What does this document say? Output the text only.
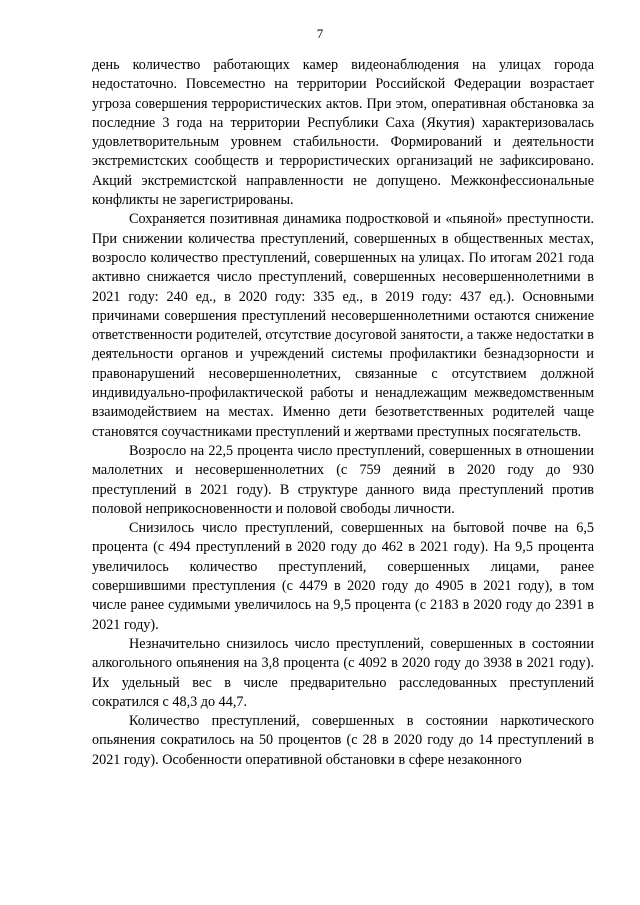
7

день количество работающих камер видеонаблюдения на улицах города недостаточно. Повсеместно на территории Российской Федерации возрастает угроза совершения террористических актов. При этом, оперативная обстановка за последние 3 года на территории Республики Саха (Якутия) характеризовалась удовлетворительным уровнем стабильности. Формирований и деятельности экстремистских сообществ и террористических организаций не зафиксировано. Акций экстремистской направленности не допущено. Межконфессиональные конфликты не зарегистрированы.

Сохраняется позитивная динамика подростковой и «пьяной» преступности. При снижении количества преступлений, совершенных в общественных местах, возросло количество преступлений, совершенных на улицах. По итогам 2021 года активно снижается число преступлений, совершенных несовершеннолетними в 2021 году: 240 ед., в 2020 году: 335 ед., в 2019 году: 437 ед.). Основными причинами совершения преступлений несовершеннолетними остаются снижение ответственности родителей, отсутствие досуговой занятости, а также недостатки в деятельности органов и учреждений системы профилактики безнадзорности и правонарушений несовершеннолетних, связанные с отсутствием должной индивидуально-профилактической работы и ненадлежащим межведомственным взаимодействием на местах. Именно дети безответственных родителей чаще становятся соучастниками преступлений и жертвами преступных посягательств.

Возросло на 22,5 процента число преступлений, совершенных в отношении малолетних и несовершеннолетних (с 759 деяний в 2020 году до 930 преступлений в 2021 году). В структуре данного вида преступлений против половой неприкосновенности и половой свободы личности.

Снизилось число преступлений, совершенных на бытовой почве на 6,5 процента (с 494 преступлений в 2020 году до 462 в 2021 году). На 9,5 процента увеличилось количество преступлений, совершенных лицами, ранее совершившими преступления (с 4479 в 2020 году до 4905 в 2021 году), в том числе ранее судимыми увеличилось на 9,5 процента (с 2183 в 2020 году до 2391 в 2021 году).

Незначительно снизилось число преступлений, совершенных в состоянии алкогольного опьянения на 3,8 процента (с 4092 в 2020 году до 3938 в 2021 году). Их удельный вес в числе предварительно расследованных преступлений сократился с 48,3 до 44,7.

Количество преступлений, совершенных в состоянии наркотического опьянения сократилось на 50 процентов (с 28 в 2020 году до 14 преступлений в 2021 году). Особенности оперативной обстановки в сфере незаконного
